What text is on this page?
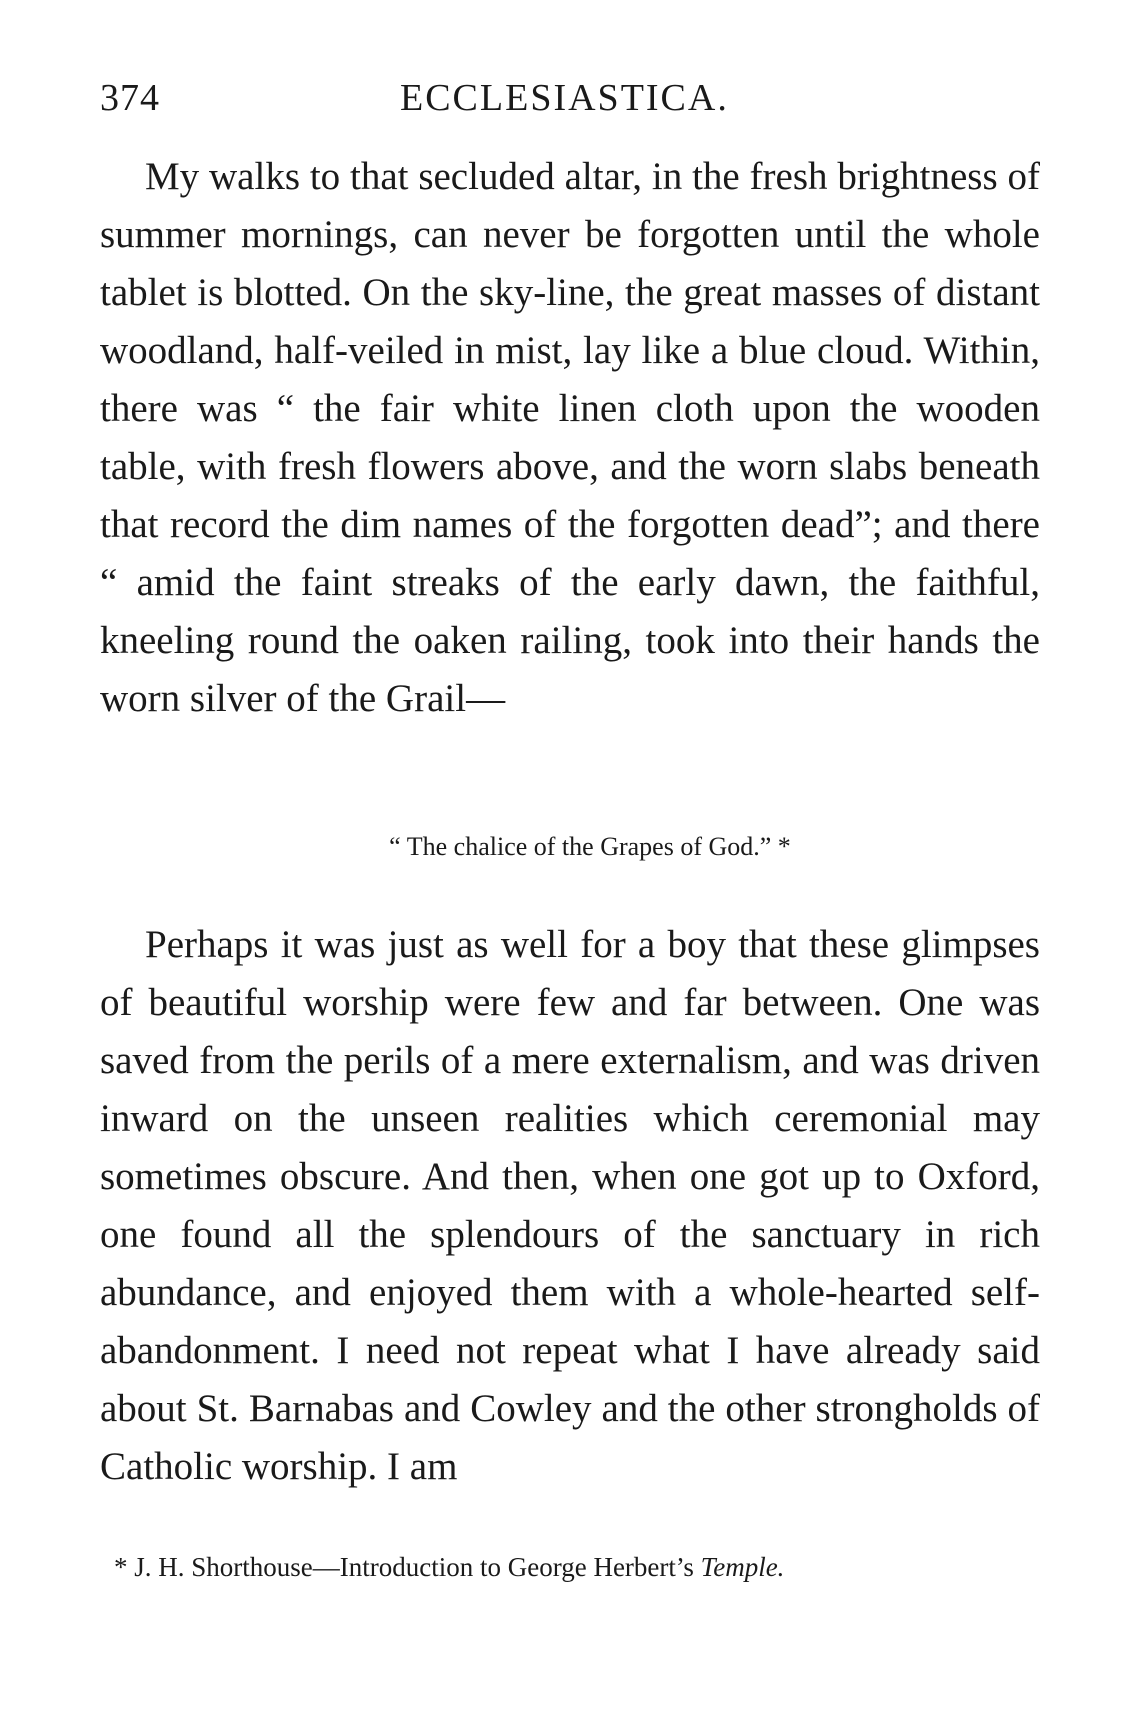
374	ECCLESIASTICA.

My walks to that secluded altar, in the fresh brightness of summer mornings, can never be forgotten until the whole tablet is blotted. On the sky-line, the great masses of distant woodland, half-veiled in mist, lay like a blue cloud. Within, there was “ the fair white linen cloth upon the wooden table, with fresh flowers above, and the worn slabs beneath that record the dim names of the forgotten dead”; and there “ amid the faint streaks of the early dawn, the faithful, kneeling round the oaken railing, took into their hands the worn silver of the Grail—

“ The chalice of the Grapes of God.” *

Perhaps it was just as well for a boy that these glimpses of beautiful worship were few and far between. One was saved from the perils of a mere externalism, and was driven inward on the unseen realities which ceremonial may sometimes obscure. And then, when one got up to Oxford, one found all the splendours of the sanctuary in rich abundance, and enjoyed them with a whole-hearted self-abandonment. I need not repeat what I have already said about St. Barnabas and Cowley and the other strongholds of Catholic worship. I am

* J. H. Shorthouse—Introduction to George Herbert’s Temple.
